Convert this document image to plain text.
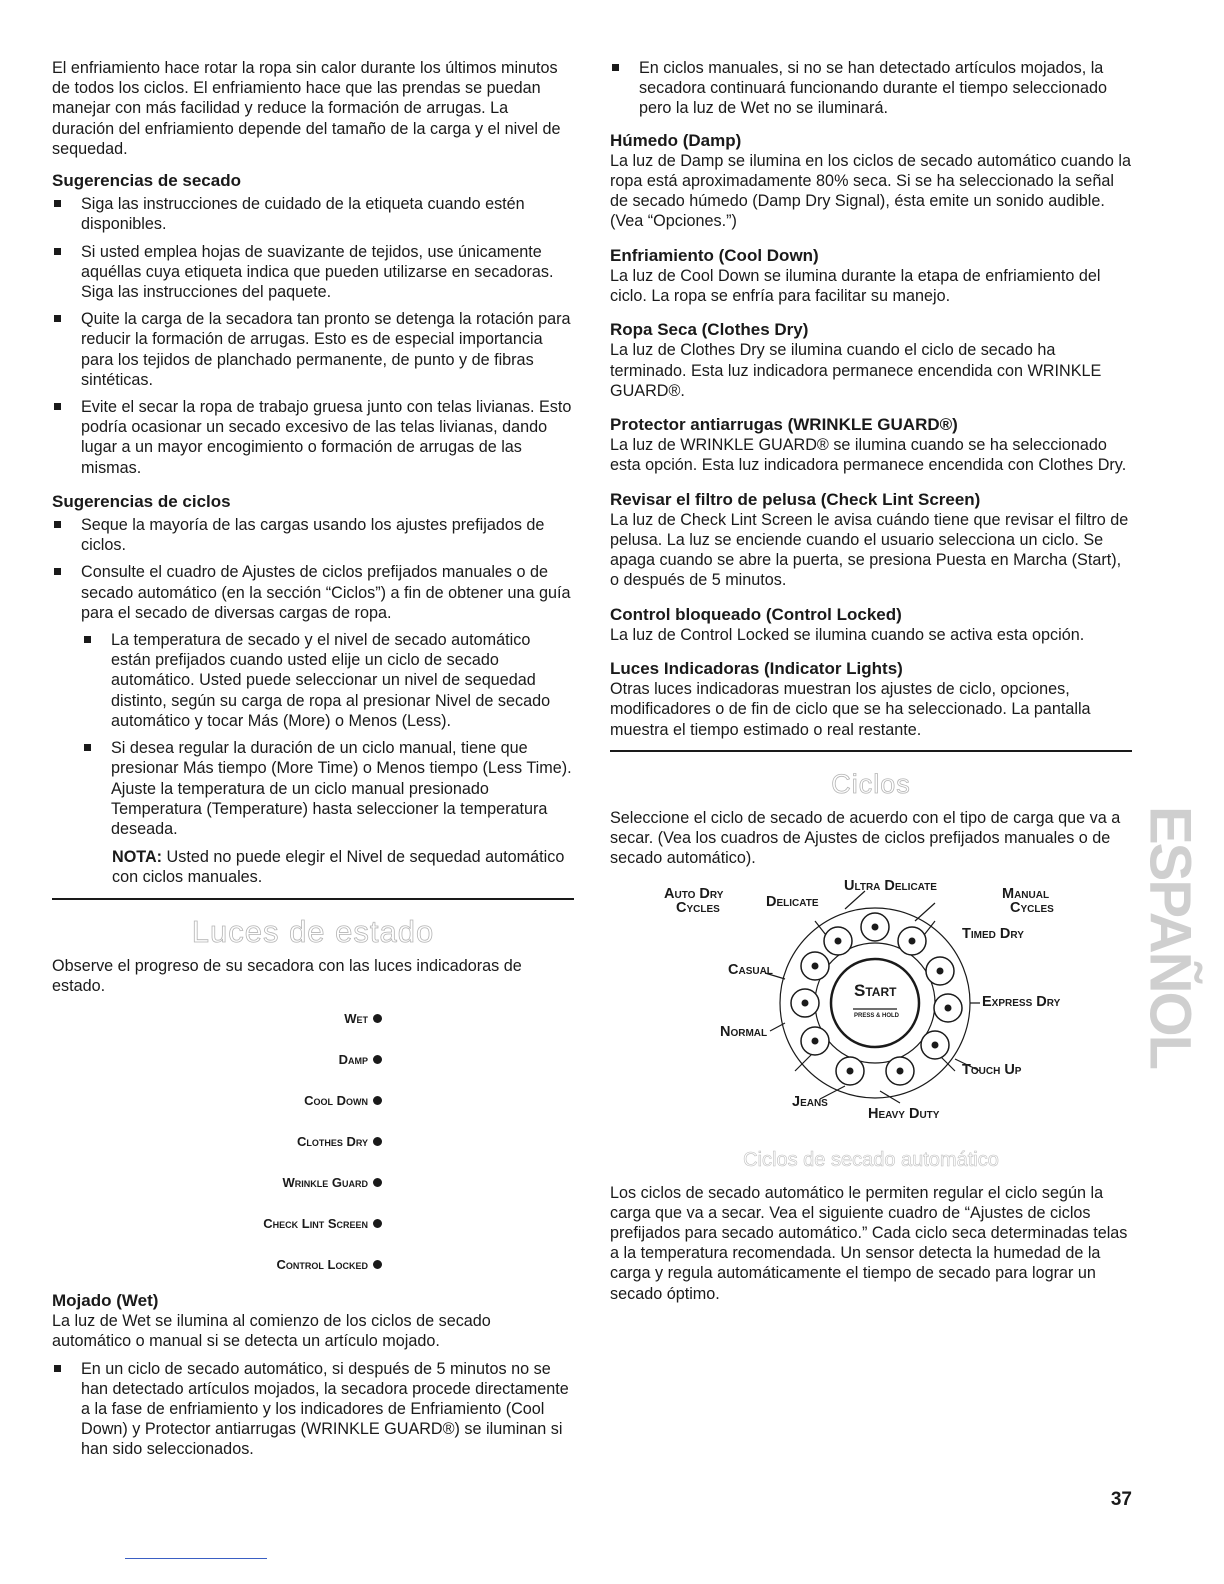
El enfriamiento hace rotar la ropa sin calor durante los últimos minutos de todos los ciclos. El enfriamiento hace que las prendas se puedan manejar con más facilidad y reduce la formación de arrugas. La duración del enfriamiento depende del tamaño de la carga y el nivel de sequedad.

Sugerencias de secado

Siga las instrucciones de cuidado de la etiqueta cuando estén disponibles.

Si usted emplea hojas de suavizante de tejidos, use únicamente aquéllas cuya etiqueta indica que pueden utilizarse en secadoras. Siga las instrucciones del paquete.

Quite la carga de la secadora tan pronto se detenga la rotación para reducir la formación de arrugas. Esto es de especial importancia para los tejidos de planchado permanente, de punto y de fibras sintéticas.

Evite el secar la ropa de trabajo gruesa junto con telas livianas. Esto podría ocasionar un secado excesivo de las telas livianas, dando lugar a un mayor encogimiento o formación de arrugas de las mismas.

Sugerencias de ciclos

Seque la mayoría de las cargas usando los ajustes prefijados de ciclos.

Consulte el cuadro de Ajustes de ciclos prefijados manuales o de secado automático (en la sección “Ciclos”) a fin de obtener una guía para el secado de diversas cargas de ropa.

La temperatura de secado y el nivel de secado automático están prefijados cuando usted elije un ciclo de secado automático. Usted puede seleccionar un nivel de sequedad distinto, según su carga de ropa al presionar Nivel de secado automático y tocar Más (More) o Menos (Less).

Si desea regular la duración de un ciclo manual, tiene que presionar Más tiempo (More Time) o Menos tiempo (Less Time). Ajuste la temperatura de un ciclo manual presionado Temperatura (Temperature) hasta seleccioner la temperatura deseada.

NOTA: Usted no puede elegir el Nivel de sequedad automático con ciclos manuales.

Luces de estado

Observe el progreso de su secadora con las luces indicadoras de estado.

Wet
Damp
Cool Down
Clothes Dry
Wrinkle Guard
Check Lint Screen
Control Locked

Mojado (Wet)

La luz de Wet se ilumina al comienzo de los ciclos de secado automático o manual si se detecta un artículo mojado.

En un ciclo de secado automático, si después de 5 minutos no se han detectado artículos mojados, la secadora procede directamente a la fase de enfriamiento y los indicadores de Enfriamiento (Cool Down) y Protector antiarrugas (WRINKLE GUARD®) se iluminan si han sido seleccionados.

En ciclos manuales, si no se han detectado artículos mojados, la secadora continuará funcionando durante el tiempo seleccionado pero la luz de Wet no se iluminará.

Húmedo (Damp)

La luz de Damp se ilumina en los ciclos de secado automático cuando la ropa está aproximadamente 80% seca. Si se ha seleccionado la señal de secado húmedo (Damp Dry Signal), ésta emite un sonido audible. (Vea “Opciones.”)

Enfriamiento (Cool Down)

La luz de Cool Down se ilumina durante la etapa de enfriamiento del ciclo. La ropa se enfría para facilitar su manejo.

Ropa Seca (Clothes Dry)

La luz de Clothes Dry se ilumina cuando el ciclo de secado ha terminado. Esta luz indicadora permanece encendida con WRINKLE GUARD®.

Protector antiarrugas (WRINKLE GUARD®)

La luz de WRINKLE GUARD® se ilumina cuando se ha seleccionado esta opción. Esta luz indicadora permanece encendida con Clothes Dry.

Revisar el filtro de pelusa (Check Lint Screen)

La luz de Check Lint Screen le avisa cuándo tiene que revisar el filtro de pelusa. La luz se enciende cuando el usuario selecciona un ciclo. Se apaga cuando se abre la puerta, se presiona Puesta en Marcha (Start), o después de 5 minutos.

Control bloqueado (Control Locked)

La luz de Control Locked se ilumina cuando se activa esta opción.

Luces Indicadoras (Indicator Lights)

Otras luces indicadoras muestran los ajustes de ciclo, opciones, modificadores o de fin de ciclo que se ha seleccionado. La pantalla muestra el tiempo estimado o real restante.

Ciclos

Seleccione el ciclo de secado de acuerdo con el tipo de carga que va a secar. (Vea los cuadros de Ajustes de ciclos prefijados manuales o de secado automático).

Start
PRESS & HOLD
Auto Dry
Cycles	Delicate
Ultra Delicate	Manual
Cycles
Timed Dry
Casual
Express Dry
Normal
Touch Up
Jeans
Heavy Duty
Ciclos de secado automático

Los ciclos de secado automático le permiten regular el ciclo según la carga que va a secar. Vea el siguiente cuadro de “Ajustes de ciclos prefijados para secado automático.” Cada ciclo seca determinadas telas a la temperatura recomendada. Un sensor detecta la humedad de la carga y regula automáticamente el tiempo de secado para lograr un secado óptimo.

ESPAÑOL
37
